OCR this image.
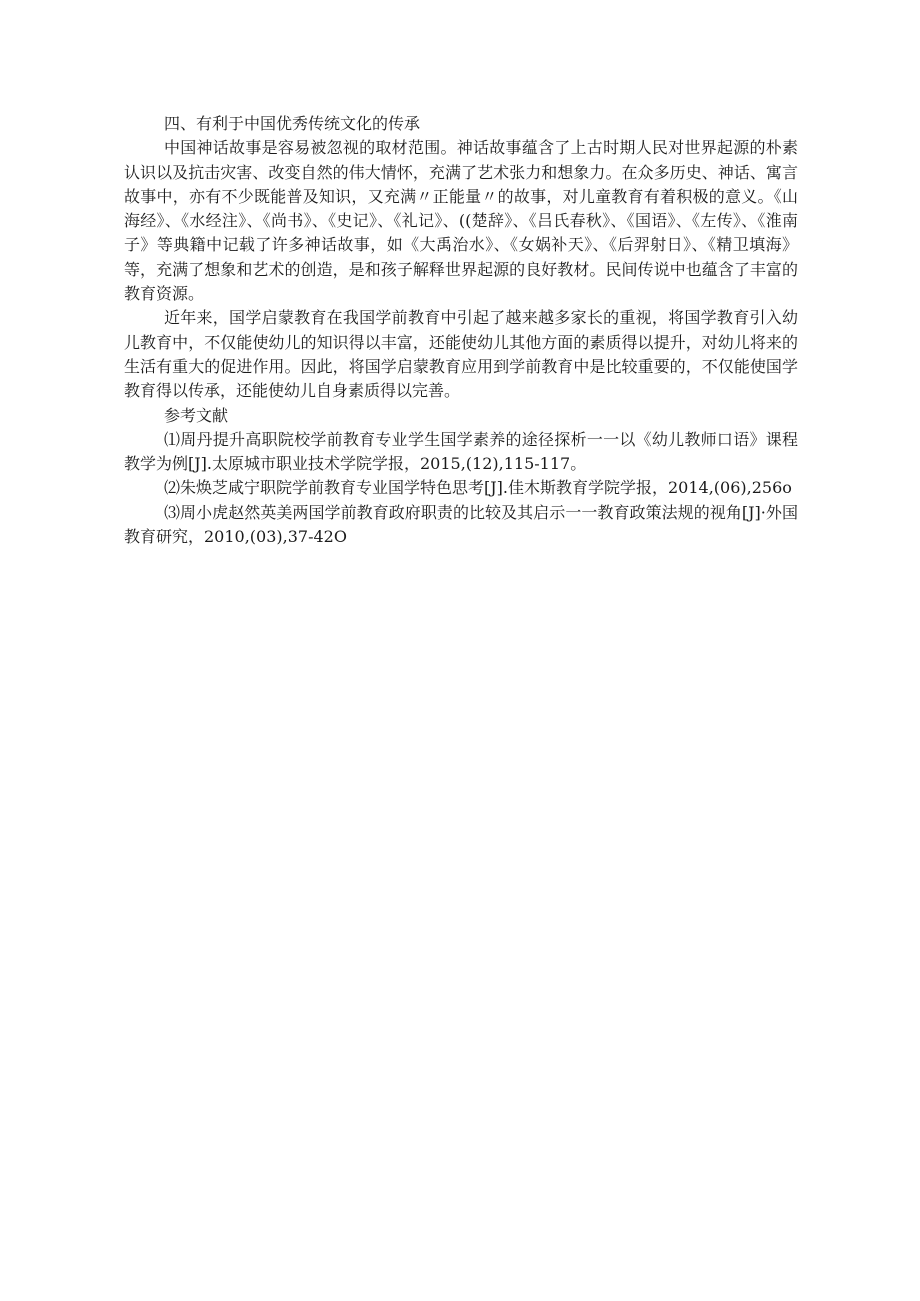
四、有利于中国优秀传统文化的传承

中国神话故事是容易被忽视的取材范围。神话故事蕴含了上古时期人民对世界起源的朴素认识以及抗击灾害、改变自然的伟大情怀，充满了艺术张力和想象力。在众多历史、神话、寓言故事中，亦有不少既能普及知识，又充满〃正能量〃的故事，对儿童教育有着积极的意义。《山海经》、《水经注》、《尚书》、《史记》、《礼记》、((楚辞》、《吕氏春秋》、《国语》、《左传》、《淮南子》等典籍中记载了许多神话故事，如《大禹治水》、《女娲补天》、《后羿射日》、《精卫填海》等，充满了想象和艺术的创造，是和孩子解释世界起源的良好教材。民间传说中也蕴含了丰富的教育资源。

近年来，国学启蒙教育在我国学前教育中引起了越来越多家长的重视，将国学教育引入幼儿教育中，不仅能使幼儿的知识得以丰富，还能使幼儿其他方面的素质得以提升，对幼儿将来的生活有重大的促进作用。因此，将国学启蒙教育应用到学前教育中是比较重要的，不仅能使国学教育得以传承，还能使幼儿自身素质得以完善。

参考文献

⑴周丹提升高职院校学前教育专业学生国学素养的途径探析一一以《幼儿教师口语》课程教学为例[J].太原城市职业技术学院学报，2015,(12),115-117。

⑵朱焕芝咸宁职院学前教育专业国学特色思考[J].佳木斯教育学院学报，2014,(06),256o

⑶周小虎赵然英美两国学前教育政府职责的比较及其启示一一教育政策法规的视角[J]·外国教育研究，2010,(03),37-42O
